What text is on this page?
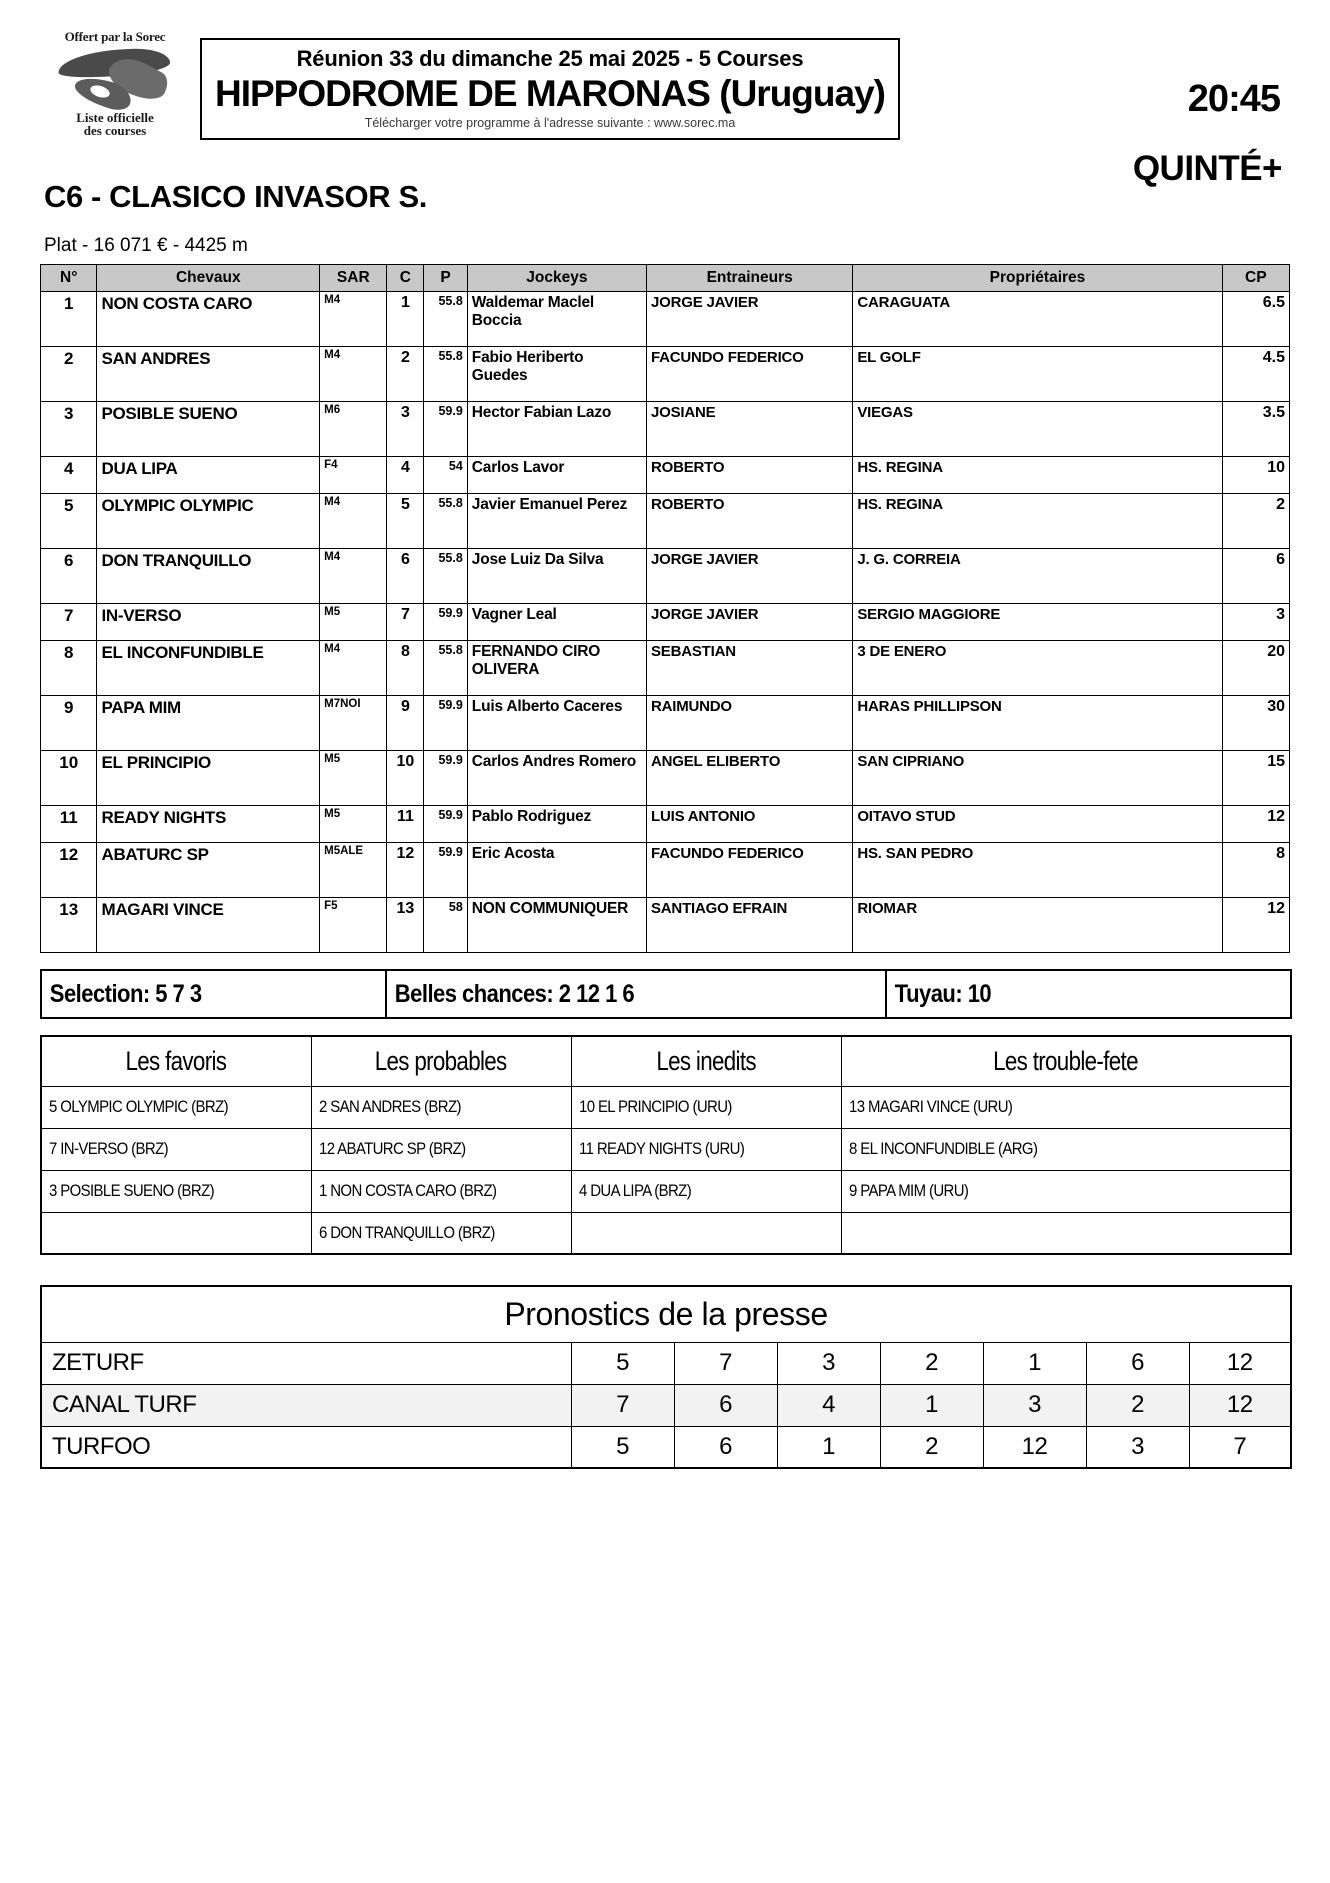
Offert par la Sorec
Liste officielle
des courses
Réunion 33 du dimanche 25 mai 2025 - 5 Courses
HIPPODROME DE MARONAS (Uruguay)
Télécharger votre programme à l'adresse suivante : www.sorec.ma
20:45
QUINTÉ+
C6 - CLASICO INVASOR S.
Plat - 16 071 € - 4425 m
N°	Chevaux	SAR	C	P	Jockeys	Entraineurs	Propriétaires	CP
1	NON COSTA CARO	M4	1	55.8	Waldemar Maclel Boccia	JORGE JAVIER	CARAGUATA	6.5
2	SAN ANDRES	M4	2	55.8	Fabio Heriberto Guedes	FACUNDO FEDERICO	EL GOLF	4.5
3	POSIBLE SUENO	M6	3	59.9	Hector Fabian Lazo	JOSIANE	VIEGAS	3.5
4	DUA LIPA	F4	4	54	Carlos Lavor	ROBERTO	HS. REGINA	10
5	OLYMPIC OLYMPIC	M4	5	55.8	Javier Emanuel Perez	ROBERTO	HS. REGINA	2
6	DON TRANQUILLO	M4	6	55.8	Jose Luiz Da Silva	JORGE JAVIER	J. G. CORREIA	6
7	IN-VERSO	M5	7	59.9	Vagner Leal	JORGE JAVIER	SERGIO MAGGIORE	3
8	EL INCONFUNDIBLE	M4	8	55.8	FERNANDO CIRO OLIVERA	SEBASTIAN	3 DE ENERO	20
9	PAPA MIM	M7NOI	9	59.9	Luis Alberto Caceres	RAIMUNDO	HARAS PHILLIPSON	30
10	EL PRINCIPIO	M5	10	59.9	Carlos Andres Romero	ANGEL ELIBERTO	SAN CIPRIANO	15
11	READY NIGHTS	M5	11	59.9	Pablo Rodriguez	LUIS ANTONIO	OITAVO STUD	12
12	ABATURC SP	M5ALE	12	59.9	Eric Acosta	FACUNDO FEDERICO	HS. SAN PEDRO	8
13	MAGARI VINCE	F5	13	58	NON COMMUNIQUER	SANTIAGO EFRAIN	RIOMAR	12
Selection: 5 7 3	Belles chances: 2 12 1 6	Tuyau: 10
Les favoris	Les probables	Les inedits	Les trouble-fete
5 OLYMPIC OLYMPIC (BRZ)	2 SAN ANDRES (BRZ)	10 EL PRINCIPIO (URU)	13 MAGARI VINCE (URU)
7 IN-VERSO (BRZ)	12 ABATURC SP (BRZ)	11 READY NIGHTS (URU)	8 EL INCONFUNDIBLE (ARG)
3 POSIBLE SUENO (BRZ)	1 NON COSTA CARO (BRZ)	4 DUA LIPA (BRZ)	9 PAPA MIM (URU)
	6 DON TRANQUILLO (BRZ)		
Pronostics de la presse							
ZETURF	5	7	3	2	1	6	12
CANAL TURF	7	6	4	1	3	2	12
TURFOO	5	6	1	2	12	3	7
